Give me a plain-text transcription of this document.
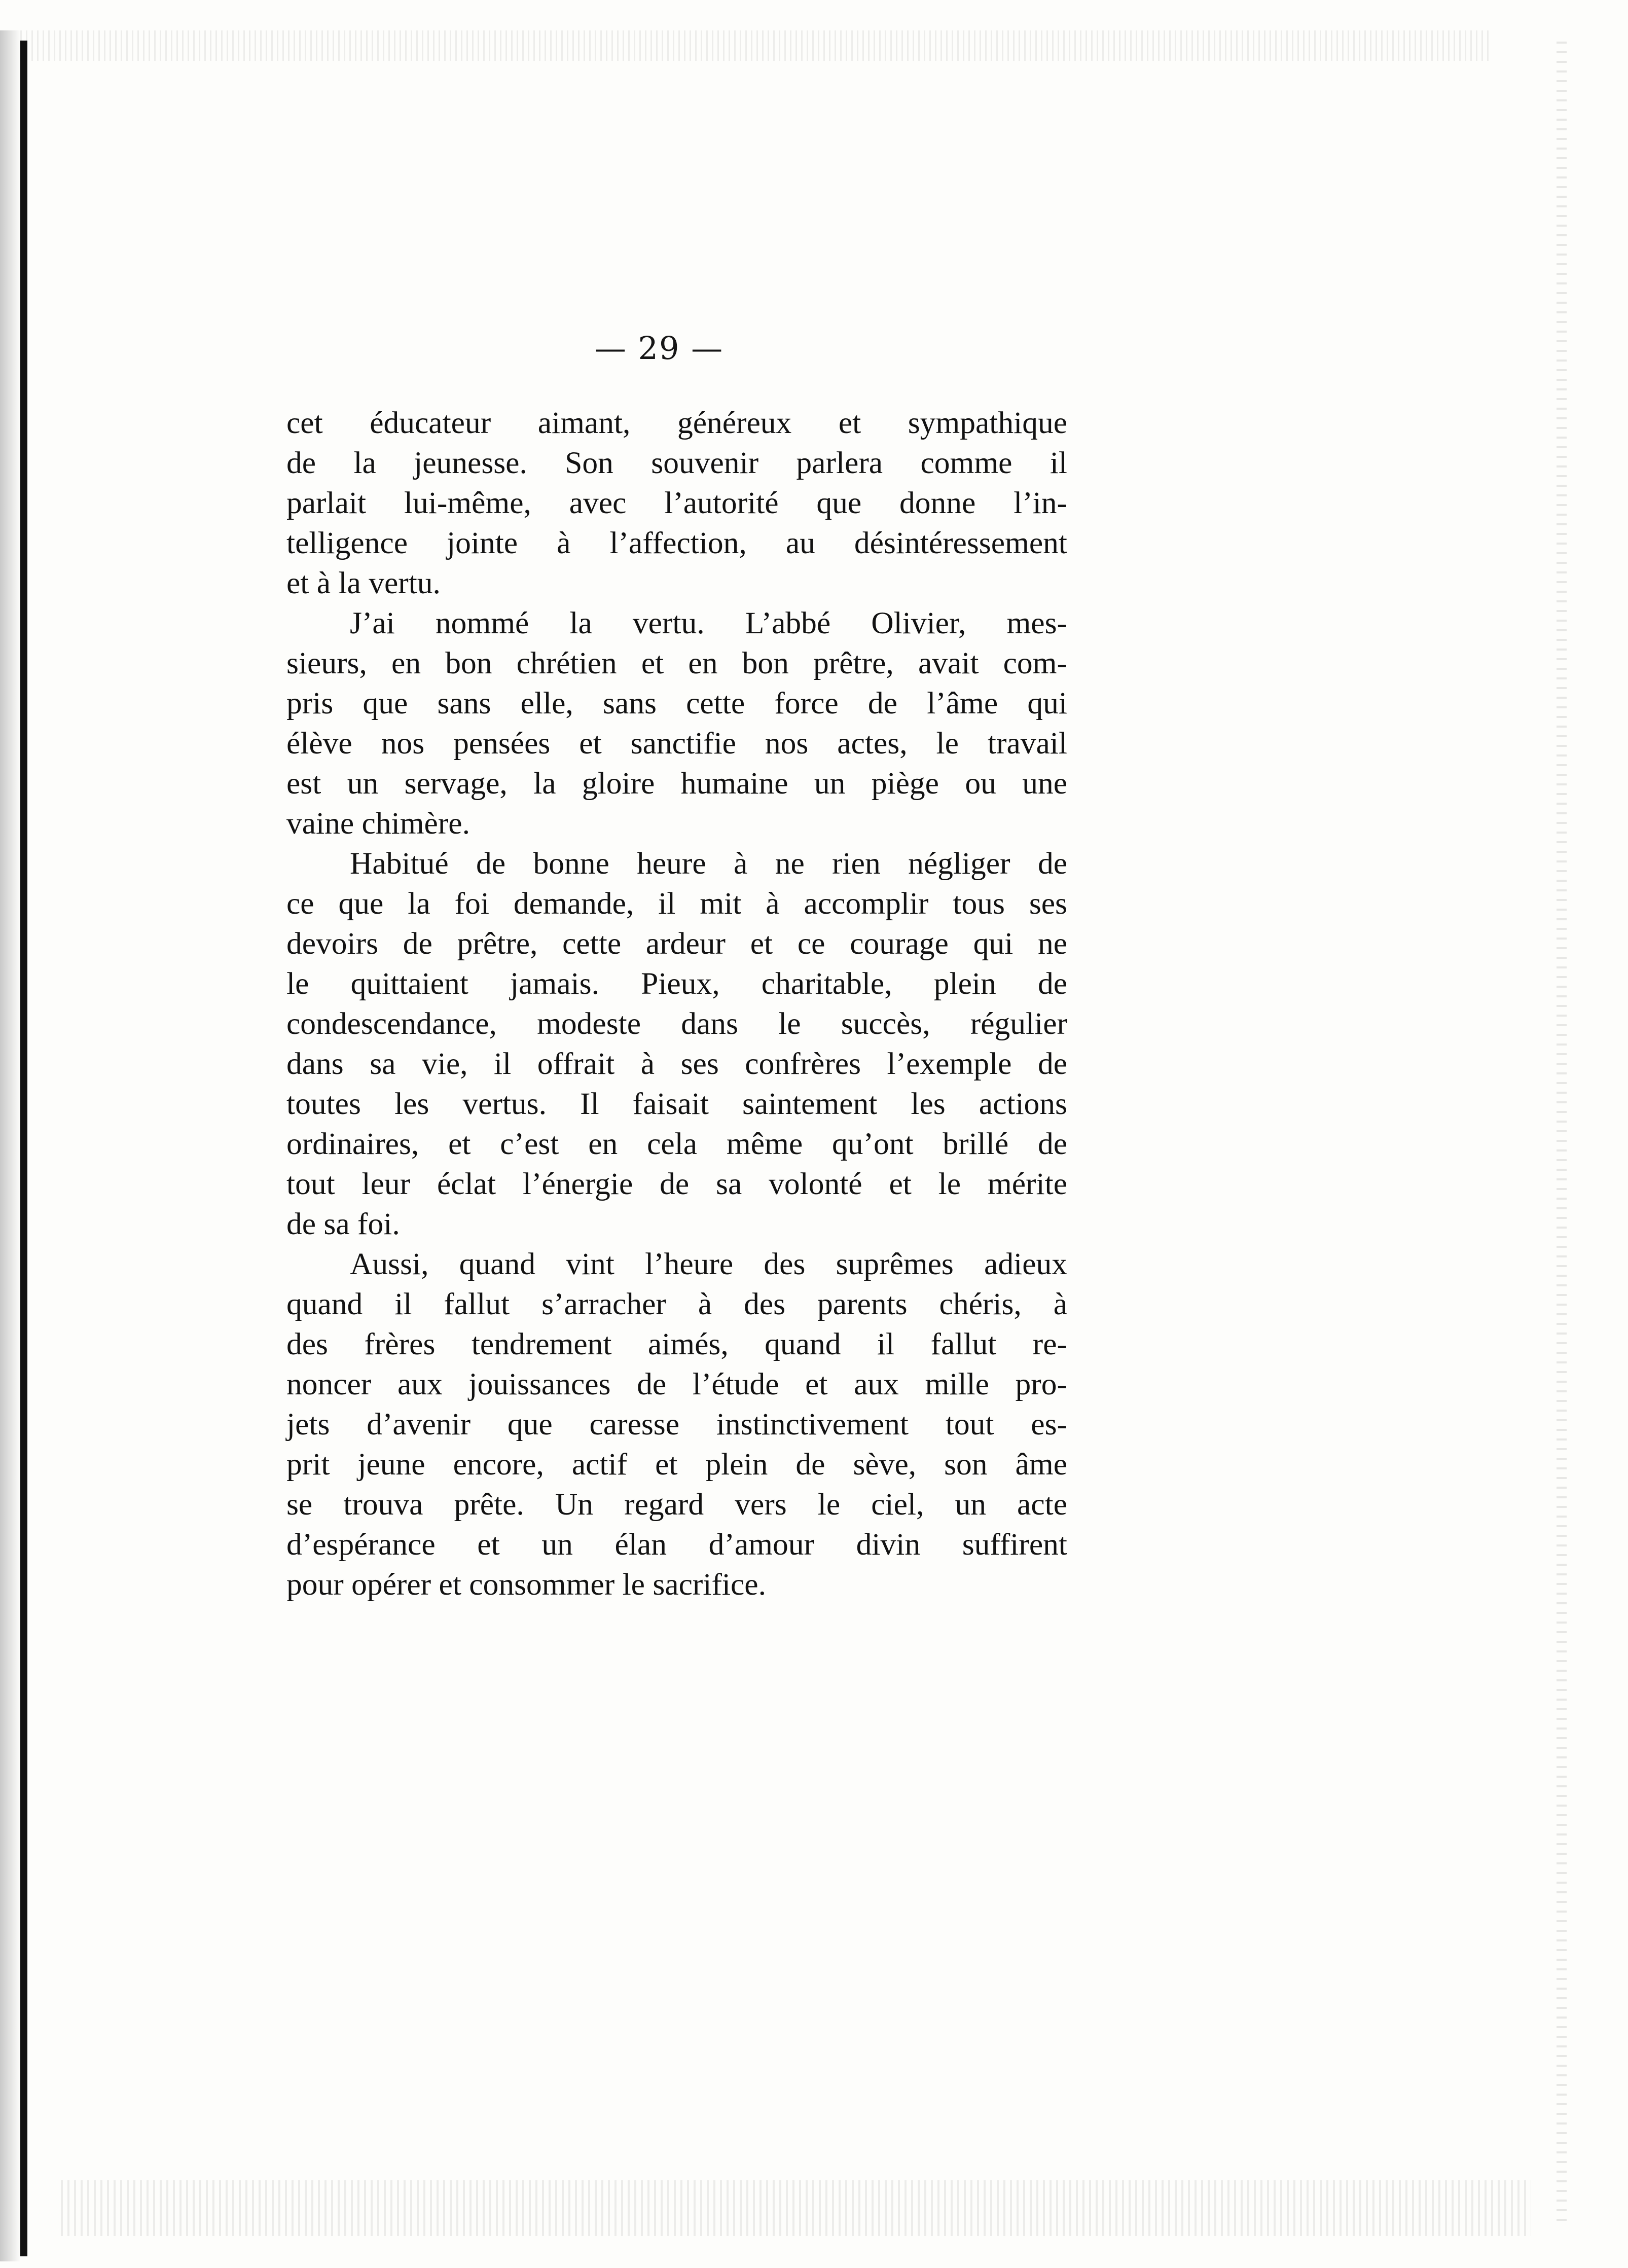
— 29 —
cet éducateur aimant, généreux et sympathique
de la jeunesse. Son souvenir parlera comme il
parlait lui-même, avec l’autorité que donne l’in-
telligence jointe à l’affection, au désintéressement
et à la vertu.
J’ai nommé la vertu. L’abbé Olivier, mes-
sieurs, en bon chrétien et en bon prêtre, avait com-
pris que sans elle, sans cette force de l’âme qui
élève nos pensées et sanctifie nos actes, le travail
est un servage, la gloire humaine un piège ou une
vaine chimère.
Habitué de bonne heure à ne rien négliger de
ce que la foi demande, il mit à accomplir tous ses
devoirs de prêtre, cette ardeur et ce courage qui ne
le quittaient jamais. Pieux, charitable, plein de
condescendance, modeste dans le succès, régulier
dans sa vie, il offrait à ses confrères l’exemple de
toutes les vertus. Il faisait saintement les actions
ordinaires, et c’est en cela même qu’ont brillé de
tout leur éclat l’énergie de sa volonté et le mérite
de sa foi.
Aussi, quand vint l’heure des suprêmes adieux
quand il fallut s’arracher à des parents chéris, à
des frères tendrement aimés, quand il fallut re-
noncer aux jouissances de l’étude et aux mille pro-
jets d’avenir que caresse instinctivement tout es-
prit jeune encore, actif et plein de sève, son âme
se trouva prête. Un regard vers le ciel, un acte
d’espérance et un élan d’amour divin suffirent
pour opérer et consommer le sacrifice.
